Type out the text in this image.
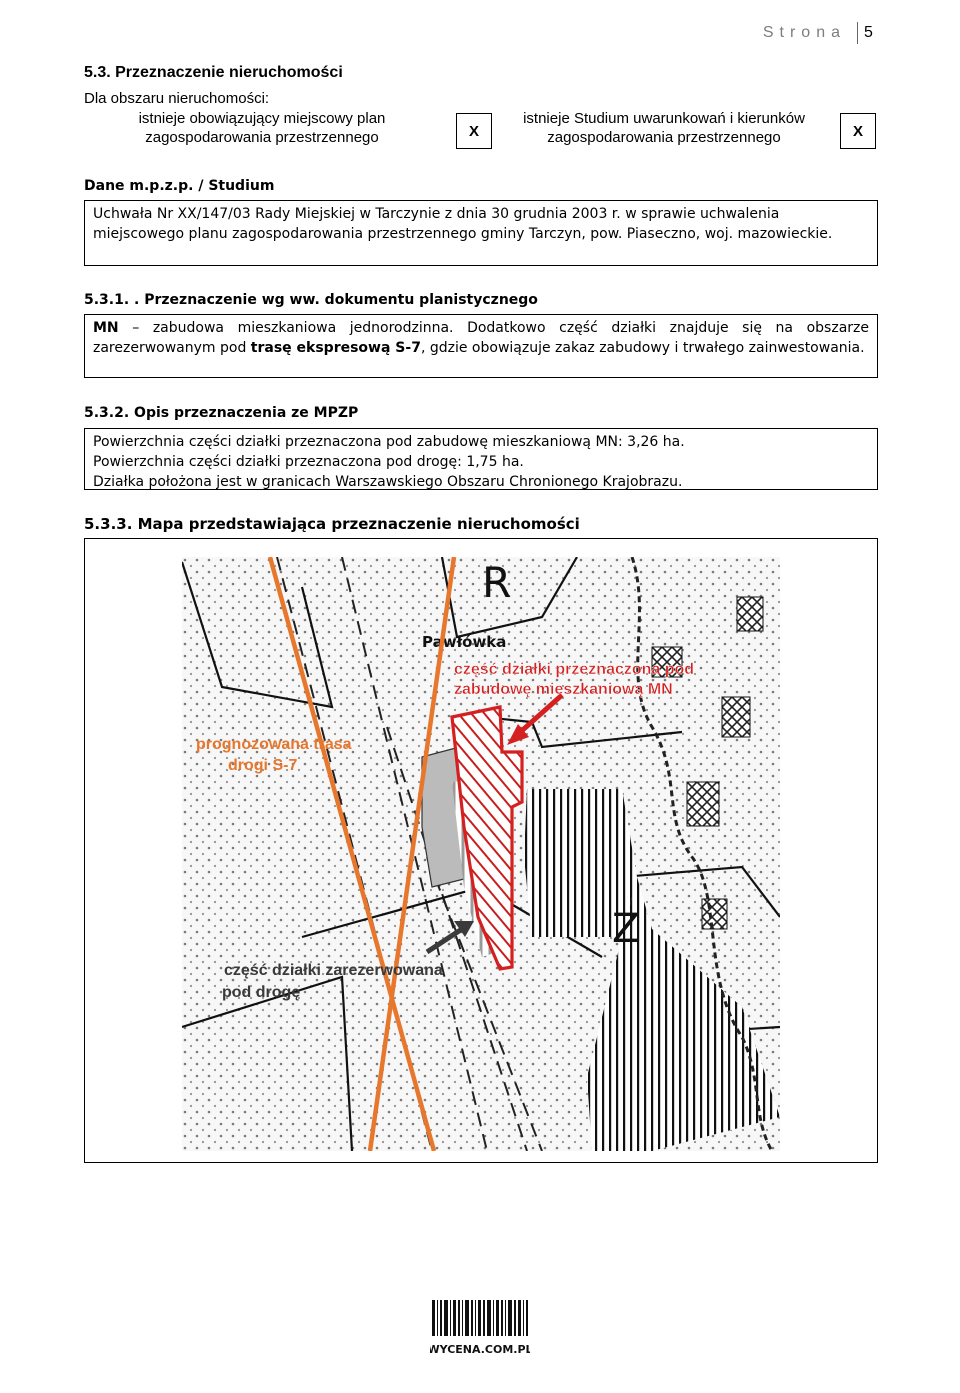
Strona 5
5.3. Przeznaczenie nieruchomości
Dla obszaru nieruchomości:
istnieje obowiązujący miejscowy plan zagospodarowania przestrzennego	X
istnieje Studium uwarunkowań i kierunków zagospodarowania przestrzennego	X
Dane m.p.z.p. / Studium
Uchwała Nr XX/147/03 Rady Miejskiej w Tarczynie z dnia 30 grudnia 2003 r. w sprawie uchwalenia miejscowego planu zagospodarowania przestrzennego gminy Tarczyn, pow. Piaseczno, woj. mazowieckie.
5.3.1. . Przeznaczenie wg ww. dokumentu planistycznego
MN – zabudowa mieszkaniowa jednorodzinna. Dodatkowo część działki znajduje się na obszarze zarezerwowanym pod trasę ekspresową S-7, gdzie obowiązuje zakaz zabudowy i trwałego zainwestowania.
5.3.2. Opis przeznaczenia ze MPZP
Powierzchnia części działki przeznaczona pod zabudowę mieszkaniową MN: 3,26 ha.
Powierzchnia części działki przeznaczona pod drogę: 1,75 ha.
Działka położona jest w granicach Warszawskiego Obszaru Chronionego Krajobrazu.
5.3.3. Mapa przedstawiająca przeznaczenie nieruchomości
R
Z
Pawłówka
część działki przeznaczona pod
zabudowę mieszkaniową MN
prognozowana trasa
drogi S-7
część działki zarezerwowana
pod drogę
WYCENA.COM.PL
